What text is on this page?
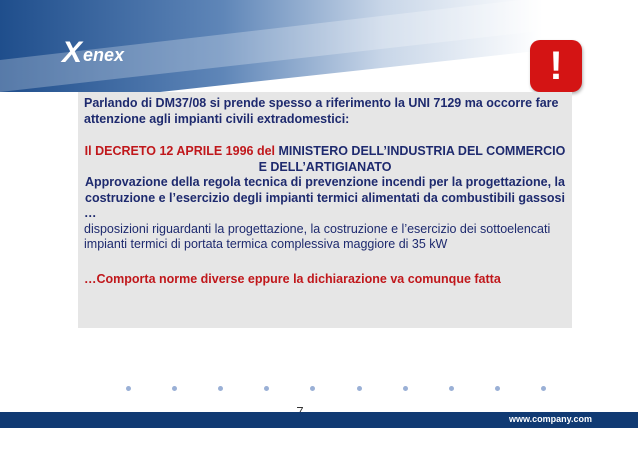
X enex	!

Parlando di DM37/08 si prende spesso a riferimento la UNI 7129 ma occorre fare attenzione agli impianti civili extradomestici:

Il DECRETO 12 APRILE 1996 del MINISTERO DELL’INDUSTRIA DEL COMMERCIO E DELL’ARTIGIANATO

Approvazione della regola tecnica di prevenzione incendi per la progettazione, la costruzione e l’esercizio degli impianti termici alimentati da combustibili gassosi

…

disposizioni riguardanti la progettazione, la costruzione e l’esercizio dei sottoelencati impianti termici di portata termica complessiva maggiore di 35 kW

…Comporta norme diverse eppure la dichiarazione va comunque fatta

www.company.com
